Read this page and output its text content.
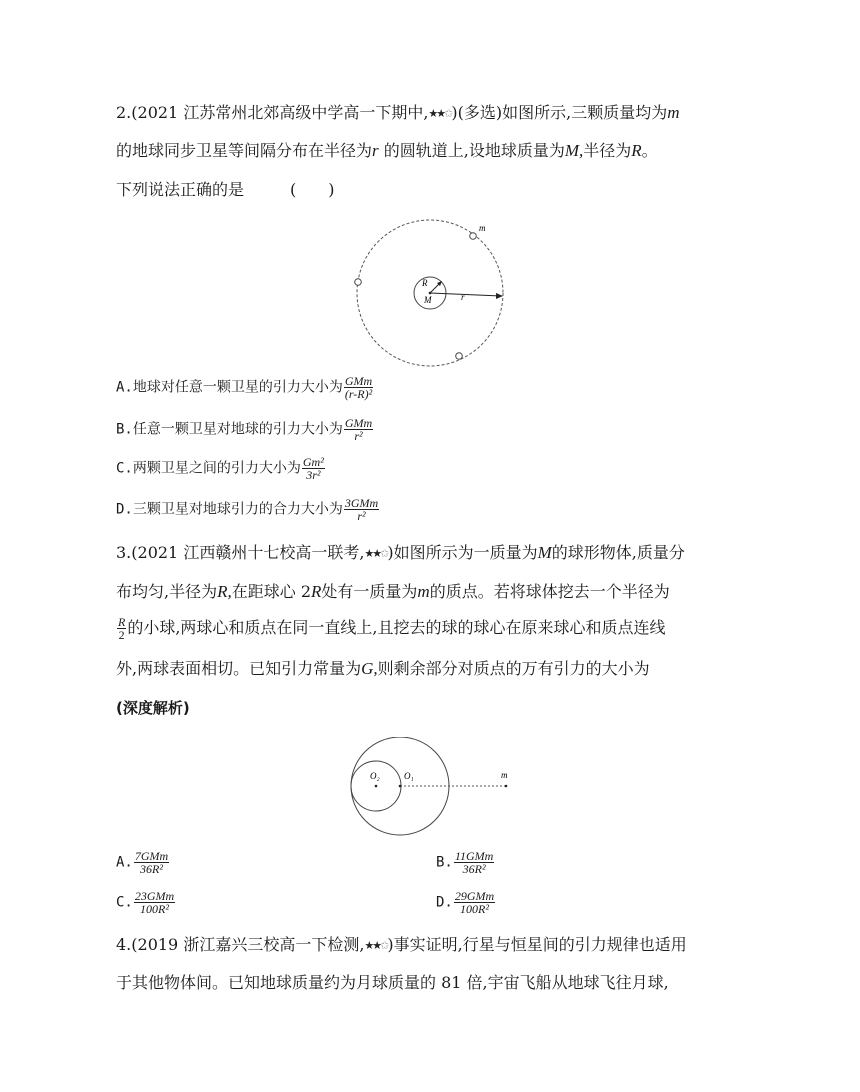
2.(2021 江苏常州北郊高级中学高一下期中,★★✩)(多选)如图所示,三颗质量均为m
的地球同步卫星等间隔分布在半径为r 的圆轨道上,设地球质量为M,半径为R。
下列说法正确的是	(　　)
m
R
M	r
A.地球对任意一颗卫星的引力大小为 $\frac{\text{GMm}}{\text{(r-R)²}}$
B.任意一颗卫星对地球的引力大小为 $\frac{\text{GMm}}{\text{r²}}$
C.两颗卫星之间的引力大小为 $\frac{\text{Gm²}}{\text{3r²}}$
D.三颗卫星对地球引力的合力大小为 $\frac{\text{3GMm}}{\text{r²}}$
3.(2021 江西赣州十七校高一联考,★★✩)如图所示为一质量为M的球形物体,质量分
布均匀,半径为R,在距球心 2R处有一质量为m的质点。若将球体挖去一个半径为
$\frac{R}{2}$ 的小球,两球心和质点在同一直线上,且挖去的球的球心在原来球心和质点连线
外,两球表面相切。已知引力常量为G,则剩余部分对质点的万有引力的大小为
(深度解析)
O₂	O₁	m
A. $\frac{\text{7GMm}}{\text{36R²}}$	B. $\frac{\text{11GMm}}{\text{36R²}}$
C. $\frac{\text{23GMm}}{\text{100R²}}$	D. $\frac{\text{29GMm}}{\text{100R²}}$
4.(2019 浙江嘉兴三校高一下检测,★★✩)事实证明,行星与恒星间的引力规律也适用
于其他物体间。已知地球质量约为月球质量的 81 倍,宇宙飞船从地球飞往月球,
